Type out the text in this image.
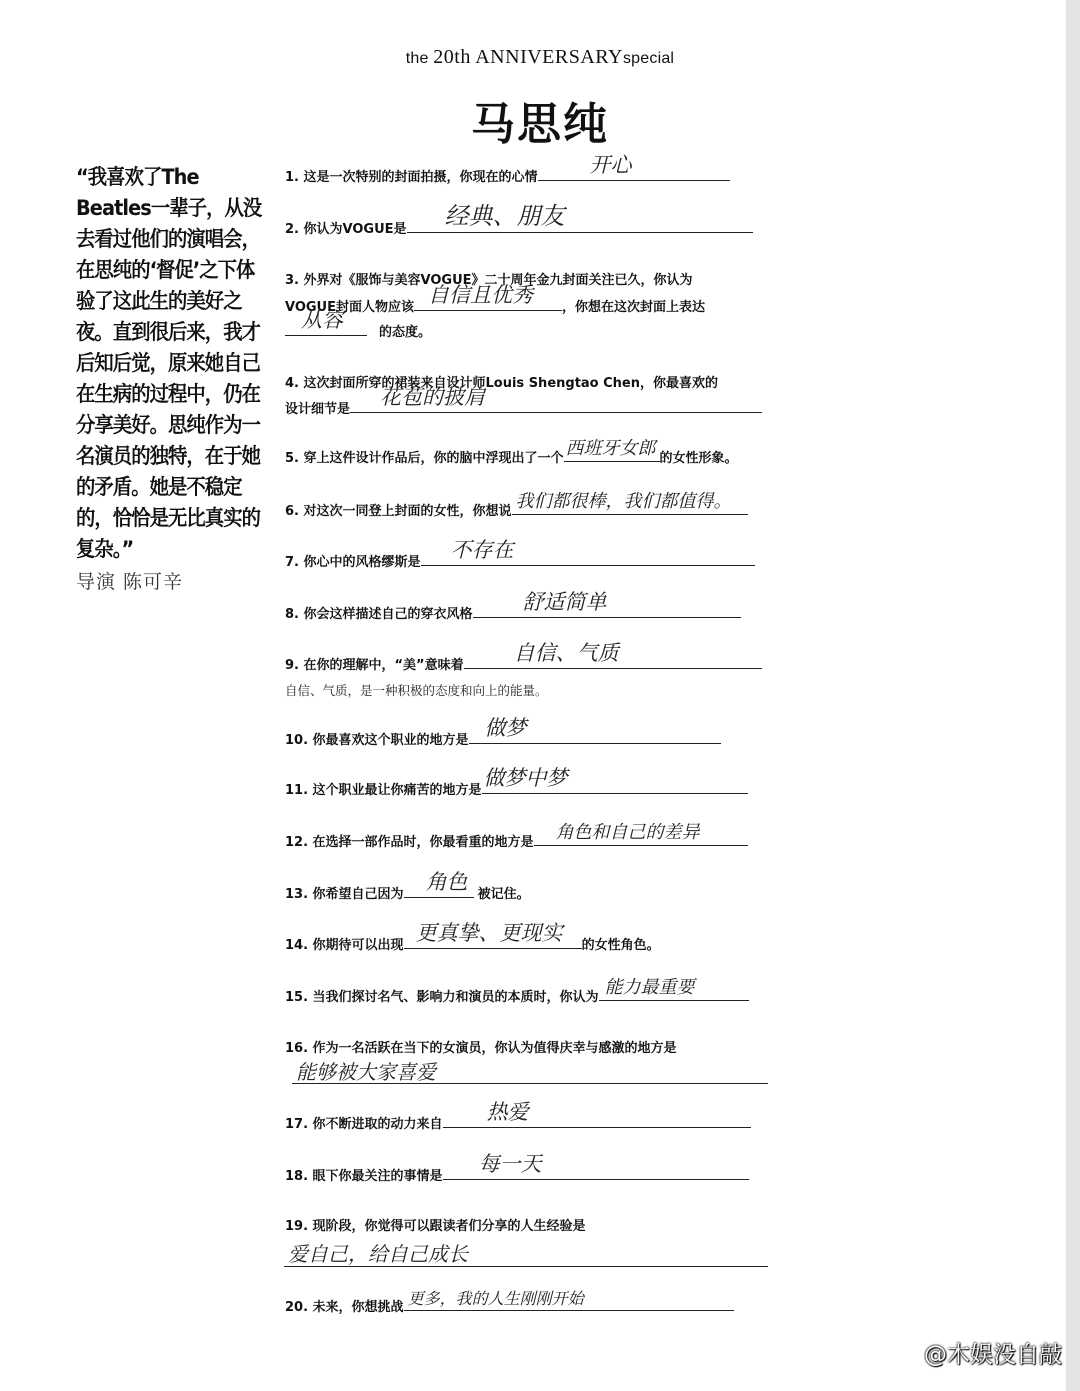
the 20th ANNIVERSARYspecial
马思纯
“我喜欢了The Beatles一辈子，从没去看过他们的演唱会，在思纯的‘督促’之下体验了这此生的美好之夜。直到很后来，我才后知后觉，原来她自己在生病的过程中，仍在分享美好。思纯作为一名演员的独特，在于她的矛盾。她是不稳定的，恰恰是无比真实的复杂。”
导演 陈可辛
1. 这是一次特别的封面拍摄，你现在的心情
开心
2. 你认为VOGUE是 经典、朋友
3. 外界对《服饰与美容VOGUE》二十周年金九封面关注已久，你认为
VOGUE封面人物应该
自信且优秀
，你想在这次封面上表达
从容
的态度。
4. 这次封面所穿的裙装来自设计师Louis Shengtao Chen，你最喜欢的
设计细节是
花苞的披肩
5. 穿上这件设计作品后，你的脑中浮现出了一个 西班牙女郎 的女性形象。
6. 对这次一同登上封面的女性，你想说 我们都很棒，我们都值得。
7. 你心中的风格缪斯是
不存在
8. 你会这样描述自己的穿衣风格
舒适简单
9. 在你的理解中，“美”意味着
自信、气质
自信、气质，是一种积极的态度和向上的能量。
10. 你最喜欢这个职业的地方是
做梦
11. 这个职业最让你痛苦的地方是
做梦中梦
12. 在选择一部作品时，你最看重的地方是 角色和自己的差异
13. 你希望自己因为
角色
被记住。
14. 你期待可以出现
更真挚、更现实
的女性角色。
15. 当我们探讨名气、影响力和演员的本质时，你认为 能力最重要
16. 作为一名活跃在当下的女演员，你认为值得庆幸与感激的地方是
能够被大家喜爱
17. 你不断进取的动力来自
热爱
18. 眼下你最关注的事情是
每一天
19. 现阶段，你觉得可以跟读者们分享的人生经验是
爱自己，给自己成长
20. 未来，你想挑战 更多，我的人生刚刚开始
@木娱没自敲
